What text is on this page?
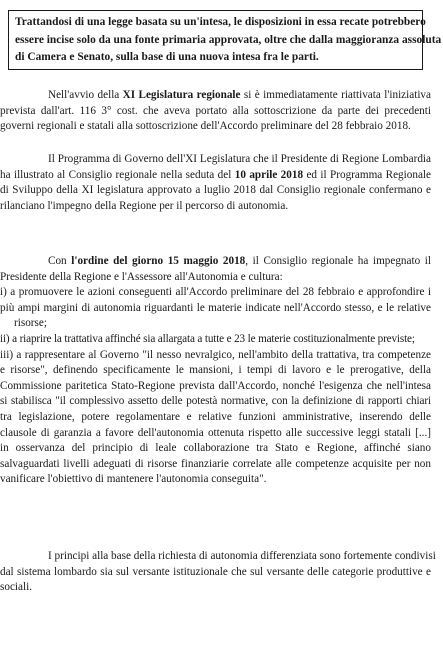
Trattandosi di una legge basata su un'intesa, le disposizioni in essa recate potrebbero
essere incise solo da una fonte primaria approvata, oltre che dalla maggioranza assoluta
di Camera e Senato, sulla base di una nuova intesa fra le parti.
Nell'avvio della XI Legislatura regionale si è immediatamente riattivata l'iniziativa
prevista dall'art. 116 3° cost. che aveva portato alla sottoscrizione da parte dei precedenti
governi regionali e statali alla sottoscrizione dell'Accordo preliminare del 28 febbraio 2018.
Il Programma di Governo dell'XI Legislatura che il Presidente di Regione Lombardia
ha illustrato al Consiglio regionale nella seduta del 10 aprile 2018 ed il Programma Regionale
di Sviluppo della XI legislatura approvato a luglio 2018 dal Consiglio regionale confermano e
rilanciano l'impegno della Regione per il percorso di autonomia.
Con l'ordine del giorno 15 maggio 2018, il Consiglio regionale ha impegnato il
Presidente della Regione e l'Assessore all'Autonomia e cultura:
i) a promuovere le azioni conseguenti all'Accordo preliminare del 28 febbraio e approfondire i
più ampi margini di autonomia riguardanti le materie indicate nell'Accordo stesso, e le relative
risorse;
ii) a riaprire la trattativa affinché sia allargata a tutte e 23 le materie costituzionalmente previste;
iii) a rappresentare al Governo "il nesso nevralgico, nell'ambito della trattativa, tra competenze
e risorse", definendo specificamente le mansioni, i tempi di lavoro e le prerogative, della
Commissione paritetica Stato-Regione prevista dall'Accordo, nonché l'esigenza che nell'intesa
si stabilisca "il complessivo assetto delle potestà normative, con la definizione di rapporti chiari
tra legislazione, potere regolamentare e relative funzioni amministrative, inserendo delle
clausole di garanzia a favore dell'autonomia ottenuta rispetto alle successive leggi statali [...]
in osservanza del principio di leale collaborazione tra Stato e Regione, affinché siano
salvaguardati livelli adeguati di risorse finanziarie correlate alle competenze acquisite per non
vanificare l'obiettivo di mantenere l'autonomia conseguita".
I principi alla base della richiesta di autonomia differenziata sono fortemente condivisi
dal sistema lombardo sia sul versante istituzionale che sul versante delle categorie produttive e
sociali.
